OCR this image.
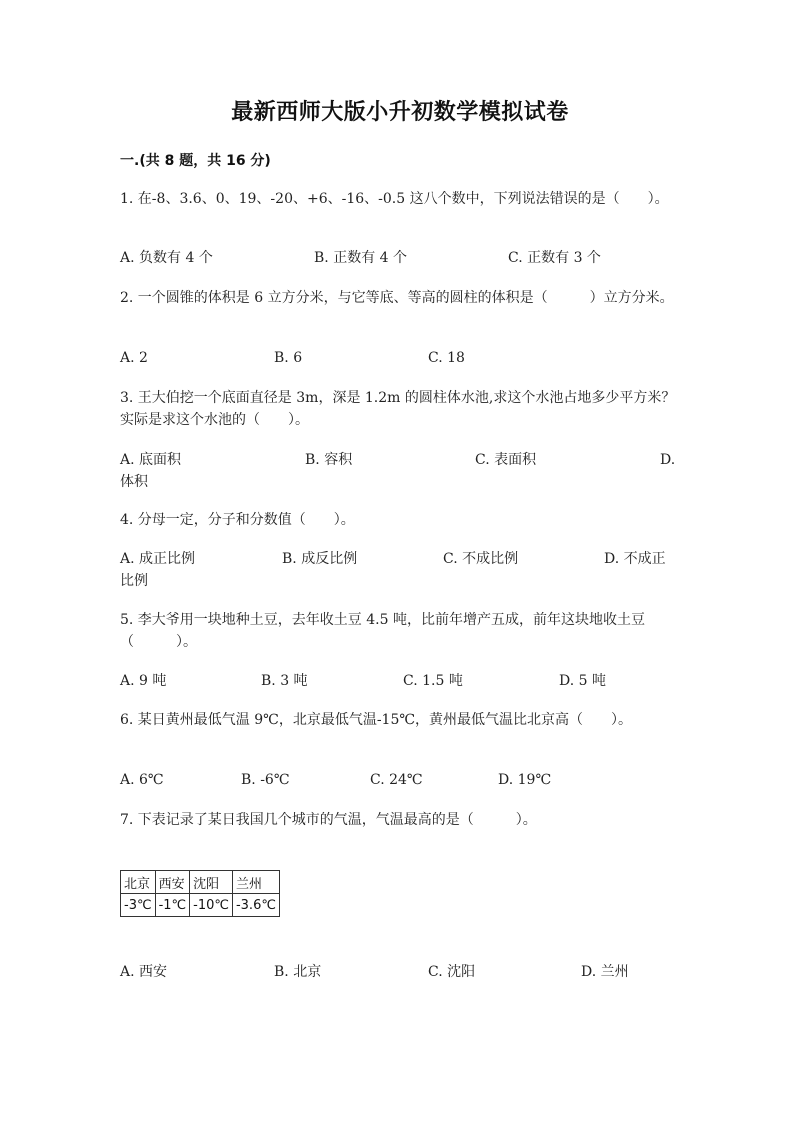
最新西师大版小升初数学模拟试卷
一.(共 8 题，共 16 分)
1. 在-8、3.6、0、19、-20、+6、-16、-0.5 这八个数中，下列说法错误的是（　　）。
A. 负数有 4 个	B. 正数有 4 个	C. 正数有 3 个
2. 一个圆锥的体积是 6 立方分米，与它等底、等高的圆柱的体积是（　　　）立方分米。
A. 2	B. 6	C. 18
3. 王大伯挖一个底面直径是 3m，深是 1.2m 的圆柱体水池,求这个水池占地多少平方米？实际是求这个水池的（　　）。
A. 底面积	B. 容积	C. 表面积	D.
体积
4. 分母一定，分子和分数值（　　）。
A. 成正比例	B. 成反比例	C. 不成比例	D. 不成正
比例
5. 李大爷用一块地种土豆，去年收土豆 4.5 吨，比前年增产五成，前年这块地收土豆（　　　）。
A. 9 吨	B. 3 吨	C. 1.5 吨	D. 5 吨
6. 某日黄州最低气温 9℃，北京最低气温-15℃，黄州最低气温比北京高（　　）。
A. 6℃	B. -6℃	C. 24℃	D. 19℃
7. 下表记录了某日我国几个城市的气温，气温最高的是（　　　）。
北京	西安	沈阳	兰州
-3℃	-1℃	-10℃	-3.6℃
A. 西安	B. 北京	C. 沈阳	D. 兰州
